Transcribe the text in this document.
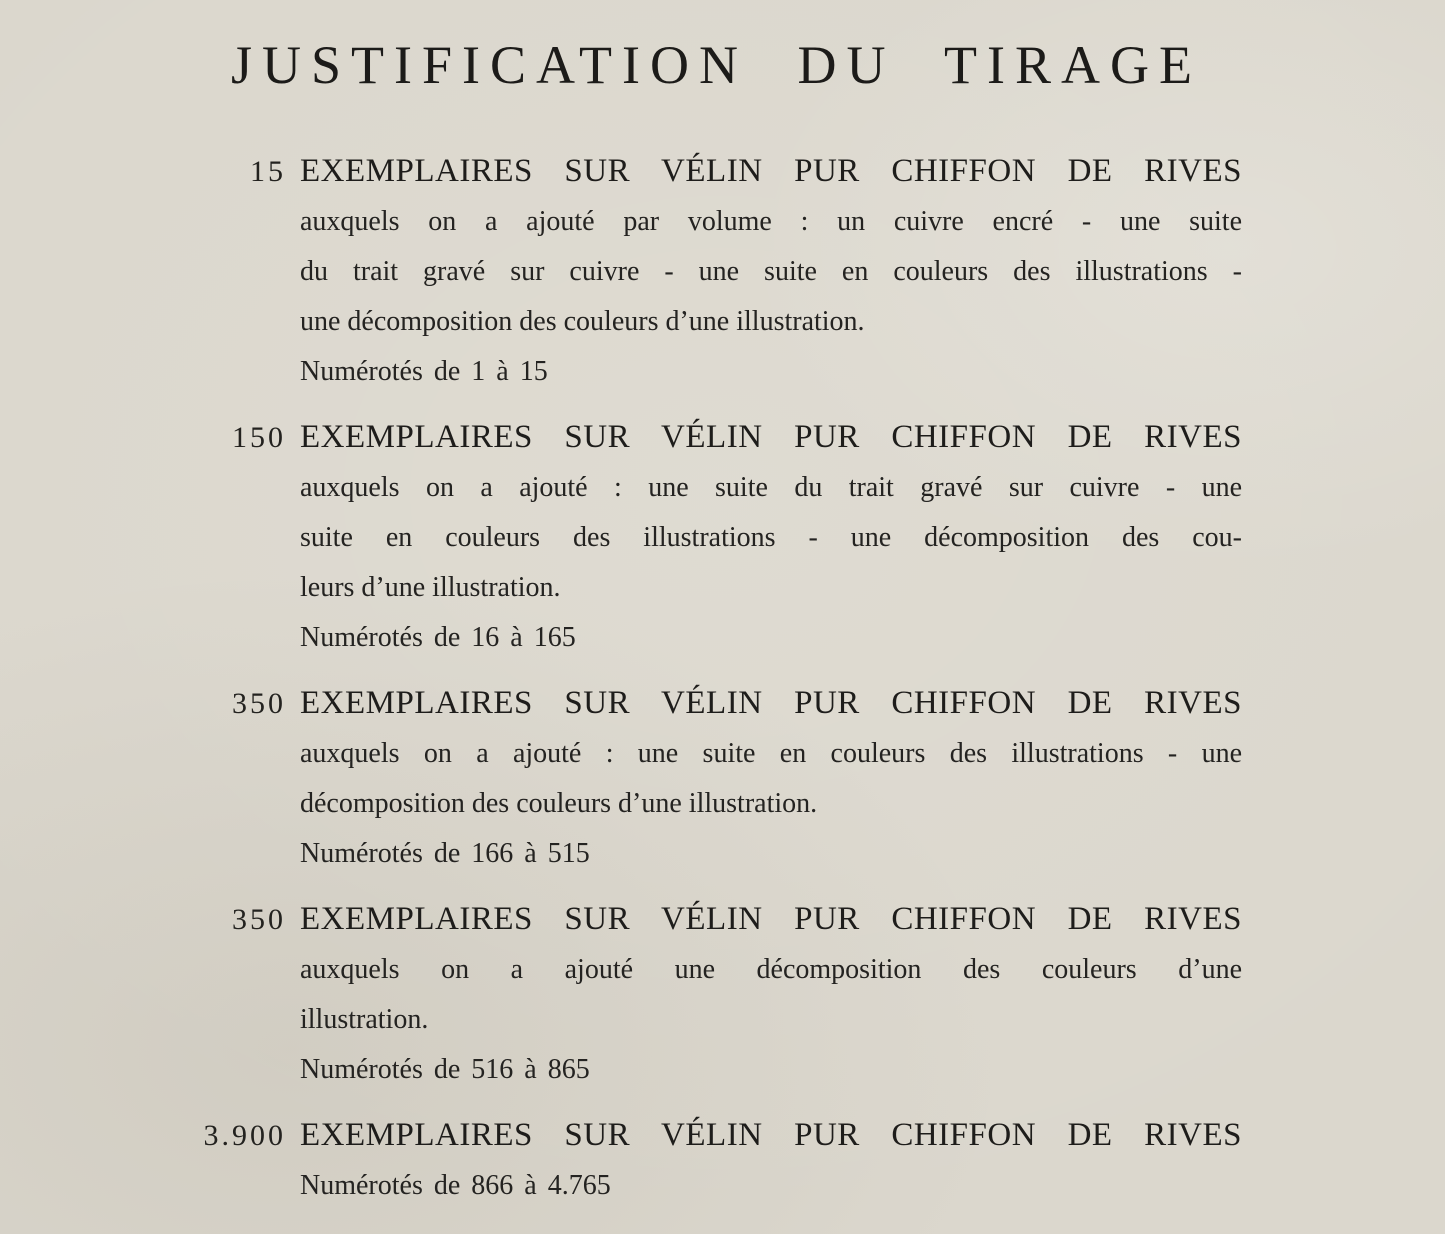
JUSTIFICATION DU TIRAGE
15 EXEMPLAIRES SUR VÉLIN PUR CHIFFON DE RIVES
auxquels on a ajouté par volume : un cuivre encré - une suite
du trait gravé sur cuivre - une suite en couleurs des illustrations -
une décomposition des couleurs d’une illustration.
Numérotés de 1 à 15
150 EXEMPLAIRES SUR VÉLIN PUR CHIFFON DE RIVES
auxquels on a ajouté : une suite du trait gravé sur cuivre - une
suite en couleurs des illustrations - une décomposition des cou-
leurs d’une illustration.
Numérotés de 16 à 165
350 EXEMPLAIRES SUR VÉLIN PUR CHIFFON DE RIVES
auxquels on a ajouté : une suite en couleurs des illustrations - une
décomposition des couleurs d’une illustration.
Numérotés de 166 à 515
350 EXEMPLAIRES SUR VÉLIN PUR CHIFFON DE RIVES
auxquels on a ajouté une décomposition des couleurs d’une
illustration.
Numérotés de 516 à 865
3.900 EXEMPLAIRES SUR VÉLIN PUR CHIFFON DE RIVES
Numérotés de 866 à 4.765
